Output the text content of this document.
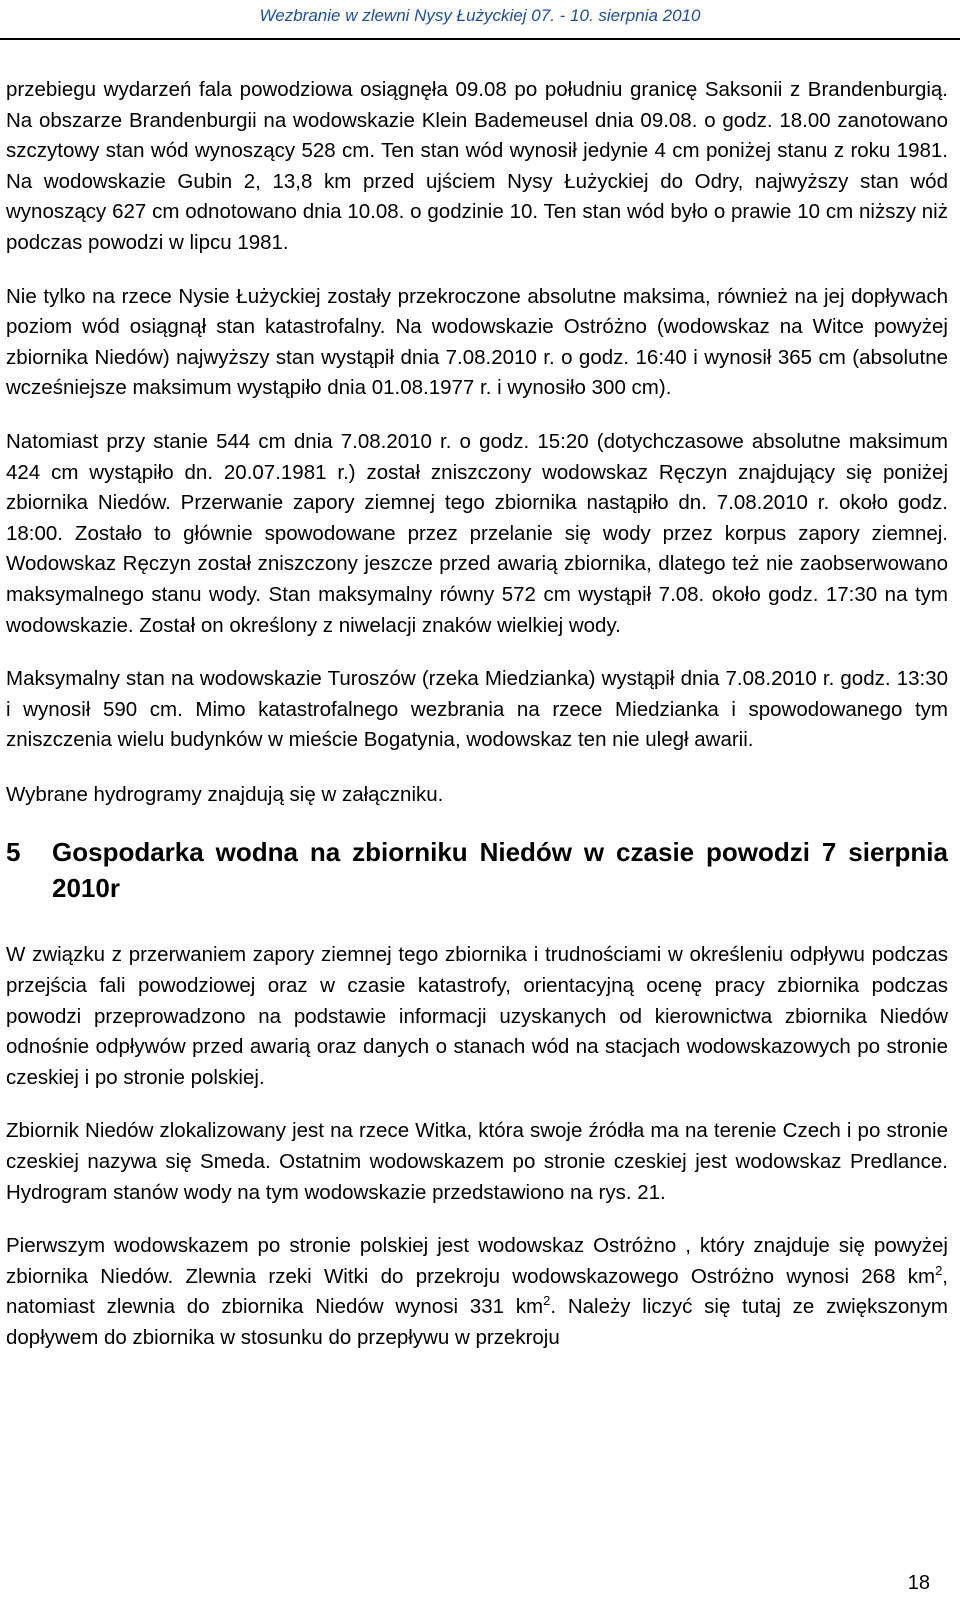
Wezbranie w zlewni Nysy Łużyckiej 07. - 10. sierpnia 2010

przebiegu wydarzeń fala powodziowa osiągnęła 09.08 po południu granicę Saksonii z Brandenburgią. Na obszarze Brandenburgii na wodowskazie Klein Bademeusel dnia 09.08. o godz. 18.00 zanotowano szczytowy stan wód wynoszący 528 cm. Ten stan wód wynosił jedynie 4 cm poniżej stanu z roku 1981. Na wodowskazie Gubin 2, 13,8 km przed ujściem Nysy Łużyckiej do Odry, najwyższy stan wód wynoszący 627 cm odnotowano dnia 10.08. o godzinie 10. Ten stan wód było o prawie 10 cm niższy niż podczas powodzi w lipcu 1981.

Nie tylko na rzece Nysie Łużyckiej zostały przekroczone absolutne maksima, również na jej dopływach poziom wód osiągnął stan katastrofalny. Na wodowskazie Ostróżno (wodowskaz na Witce powyżej zbiornika Niedów) najwyższy stan wystąpił dnia 7.08.2010 r. o godz. 16:40 i wynosił 365 cm (absolutne wcześniejsze maksimum wystąpiło dnia 01.08.1977 r. i wynosiło 300 cm).

Natomiast przy stanie 544 cm dnia 7.08.2010 r. o godz. 15:20 (dotychczasowe absolutne maksimum 424 cm wystąpiło dn. 20.07.1981 r.) został zniszczony wodowskaz Ręczyn znajdujący się poniżej zbiornika Niedów. Przerwanie zapory ziemnej tego zbiornika nastąpiło dn. 7.08.2010 r. około godz. 18:00. Zostało to głównie spowodowane przez przelanie się wody przez korpus zapory ziemnej. Wodowskaz Ręczyn został zniszczony jeszcze przed awarią zbiornika, dlatego też nie zaobserwowano maksymalnego stanu wody. Stan maksymalny równy 572 cm wystąpił 7.08. około godz. 17:30 na tym wodowskazie. Został on określony z niwelacji znaków wielkiej wody.

Maksymalny stan na wodowskazie Turoszów (rzeka Miedzianka) wystąpił dnia 7.08.2010 r. godz. 13:30 i wynosił 590 cm. Mimo katastrofalnego wezbrania na rzece Miedzianka i spowodowanego tym zniszczenia wielu budynków w mieście Bogatynia, wodowskaz ten nie uległ awarii.

Wybrane hydrogramy znajdują się w załączniku.

5	Gospodarka wodna na zbiorniku Niedów w czasie powodzi 7 sierpnia 2010r

W związku z przerwaniem zapory ziemnej tego zbiornika i trudnościami w określeniu odpływu podczas przejścia fali powodziowej oraz w czasie katastrofy, orientacyjną ocenę pracy zbiornika podczas powodzi przeprowadzono na podstawie informacji uzyskanych od kierownictwa zbiornika Niedów odnośnie odpływów przed awarią oraz danych o stanach wód na stacjach wodowskazowych po stronie czeskiej i po stronie polskiej.

Zbiornik Niedów zlokalizowany jest na rzece Witka, która swoje źródła ma na terenie Czech i po stronie czeskiej nazywa się Smeda. Ostatnim wodowskazem po stronie czeskiej jest wodowskaz Predlance. Hydrogram stanów wody na tym wodowskazie przedstawiono na rys. 21.

Pierwszym wodowskazem po stronie polskiej jest wodowskaz Ostróżno , który znajduje się powyżej zbiornika Niedów. Zlewnia rzeki Witki do przekroju wodowskazowego Ostróżno wynosi 268 $km^2$, natomiast zlewnia do zbiornika Niedów wynosi 331 $km^2$. Należy liczyć się tutaj ze zwiększonym dopływem do zbiornika w stosunku do przepływu w przekroju

18
